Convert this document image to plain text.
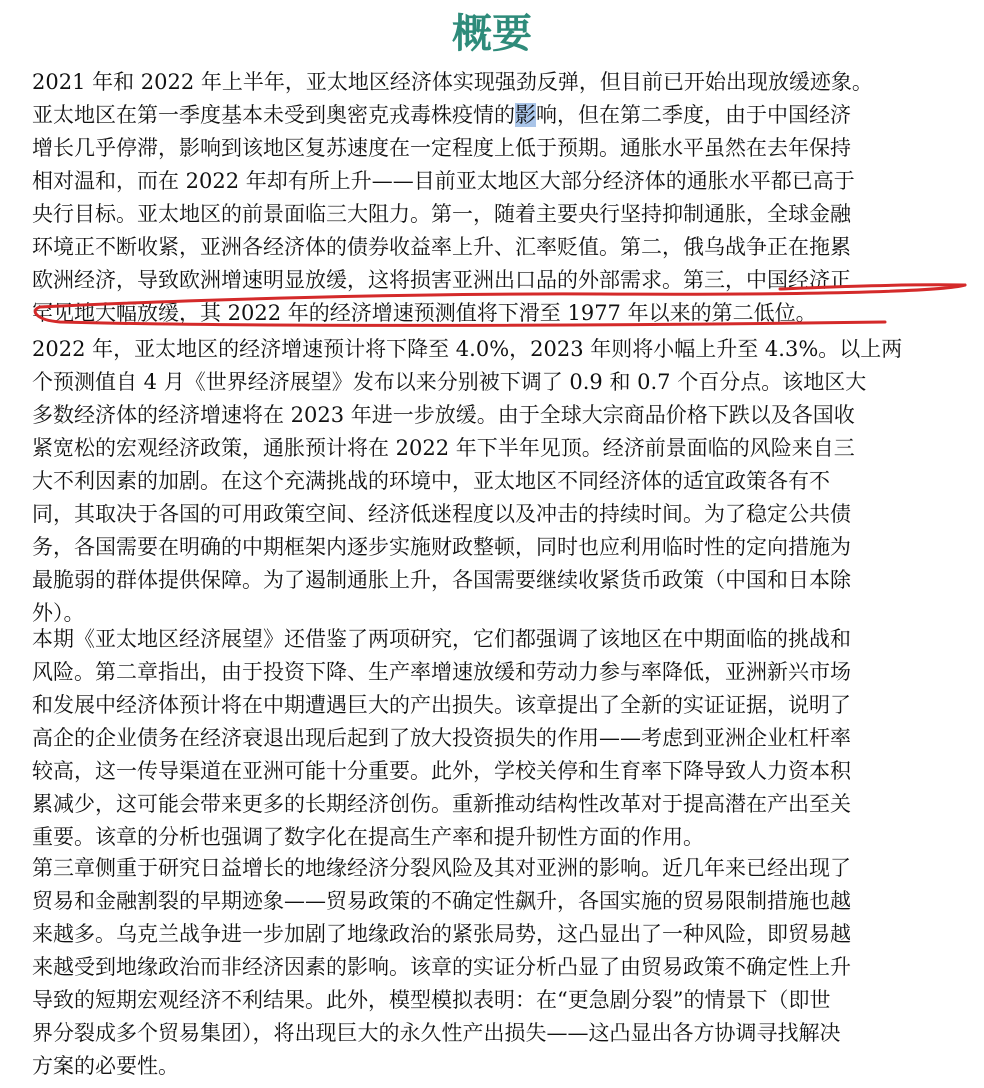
概要
2021 年和 2022 年上半年，亚太地区经济体实现强劲反弹，但目前已开始出现放缓迹象。
亚太地区在第一季度基本未受到奥密克戎毒株疫情的影响，但在第二季度，由于中国经济
增长几乎停滞，影响到该地区复苏速度在一定程度上低于预期。通胀水平虽然在去年保持
相对温和，而在 2022 年却有所上升——目前亚太地区大部分经济体的通胀水平都已高于
央行目标。亚太地区的前景面临三大阻力。第一，随着主要央行坚持抑制通胀，全球金融
环境正不断收紧，亚洲各经济体的债券收益率上升、汇率贬值。第二，俄乌战争正在拖累
欧洲经济，导致欧洲增速明显放缓，这将损害亚洲出口品的外部需求。第三，中国经济正
罕见地大幅放缓，其 2022 年的经济增速预测值将下滑至 1977 年以来的第二低位。
2022 年，亚太地区的经济增速预计将下降至 4.0%，2023 年则将小幅上升至 4.3%。以上两
个预测值自 4 月《世界经济展望》发布以来分别被下调了 0.9 和 0.7 个百分点。该地区大
多数经济体的经济增速将在 2023 年进一步放缓。由于全球大宗商品价格下跌以及各国收
紧宽松的宏观经济政策，通胀预计将在 2022 年下半年见顶。经济前景面临的风险来自三
大不利因素的加剧。在这个充满挑战的环境中，亚太地区不同经济体的适宜政策各有不
同，其取决于各国的可用政策空间、经济低迷程度以及冲击的持续时间。为了稳定公共债
务，各国需要在明确的中期框架内逐步实施财政整顿，同时也应利用临时性的定向措施为
最脆弱的群体提供保障。为了遏制通胀上升，各国需要继续收紧货币政策（中国和日本除
外）。
本期《亚太地区经济展望》还借鉴了两项研究，它们都强调了该地区在中期面临的挑战和
风险。第二章指出，由于投资下降、生产率增速放缓和劳动力参与率降低，亚洲新兴市场
和发展中经济体预计将在中期遭遇巨大的产出损失。该章提出了全新的实证证据，说明了
高企的企业债务在经济衰退出现后起到了放大投资损失的作用——考虑到亚洲企业杠杆率
较高，这一传导渠道在亚洲可能十分重要。此外，学校关停和生育率下降导致人力资本积
累减少，这可能会带来更多的长期经济创伤。重新推动结构性改革对于提高潜在产出至关
重要。该章的分析也强调了数字化在提高生产率和提升韧性方面的作用。
第三章侧重于研究日益增长的地缘经济分裂风险及其对亚洲的影响。近几年来已经出现了
贸易和金融割裂的早期迹象——贸易政策的不确定性飙升，各国实施的贸易限制措施也越
来越多。乌克兰战争进一步加剧了地缘政治的紧张局势，这凸显出了一种风险，即贸易越
来越受到地缘政治而非经济因素的影响。该章的实证分析凸显了由贸易政策不确定性上升
导致的短期宏观经济不利结果。此外，模型模拟表明：在“更急剧分裂”的情景下（即世
界分裂成多个贸易集团），将出现巨大的永久性产出损失——这凸显出各方协调寻找解决
方案的必要性。
